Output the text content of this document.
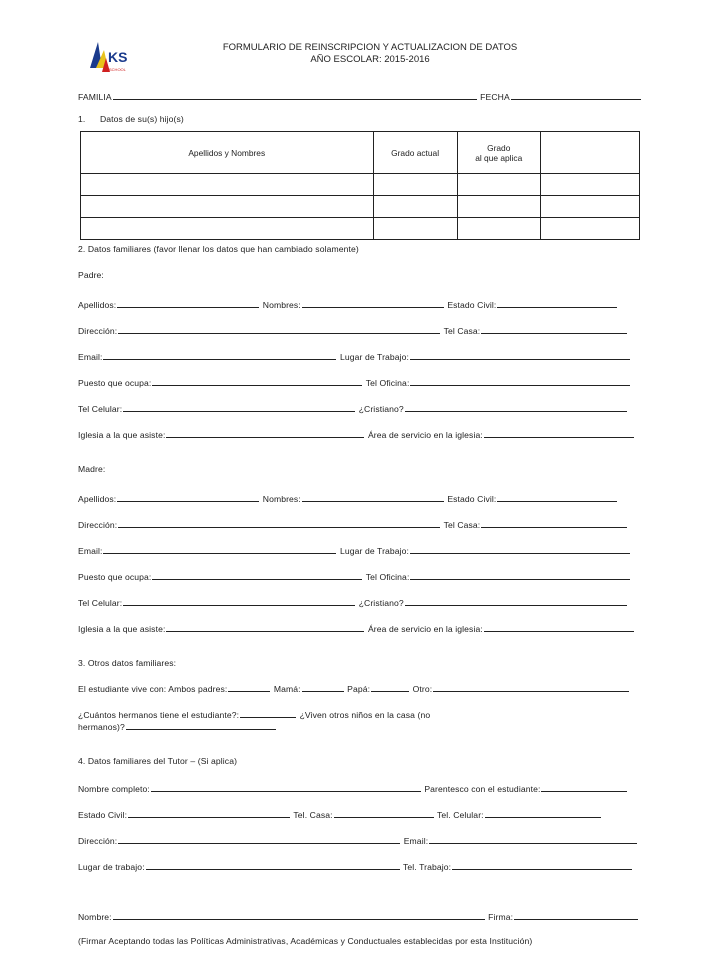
KS
SCHOOL
FORMULARIO DE REINSCRIPCION Y ACTUALIZACION DE DATOS
AÑO ESCOLAR: 2015-2016
FAMILIA	FECHA
1. Datos de su(s) hijo(s)
Apellidos y Nombres	Grado actual	Grado
al que aplica	

2. Datos familiares (favor llenar los datos que han cambiado solamente)
Padre:
Apellidos:	Nombres:	Estado Civil:
Dirección:	Tel Casa:
Email:	Lugar de Trabajo:
Puesto que ocupa:	Tel Oficina:
Tel Celular:	¿Cristiano?
Iglesia a la que asiste:	Área de servicio en la iglesia:
Madre:
Apellidos:	Nombres:	Estado Civil:
Dirección:	Tel Casa:
Email:	Lugar de Trabajo:
Puesto que ocupa:	Tel Oficina:
Tel Celular:	¿Cristiano?
Iglesia a la que asiste:	Área de servicio en la iglesia:
3. Otros datos familiares:
El estudiante vive con: Ambos padres:	Mamá:	Papá:	Otro:
¿Cuántos hermanos tiene el estudiante?:	¿Viven otros niños en la casa (no
hermanos)?
4. Datos familiares del Tutor – (Si aplica)
Nombre completo:	Parentesco con el estudiante:
Estado Civil:	Tel. Casa:	Tel. Celular:
Dirección:	Email:
Lugar de trabajo:	Tel. Trabajo:
Nombre:	Firma:
(Firmar Aceptando todas las Políticas Administrativas, Académicas y Conductuales establecidas por esta Institución)
